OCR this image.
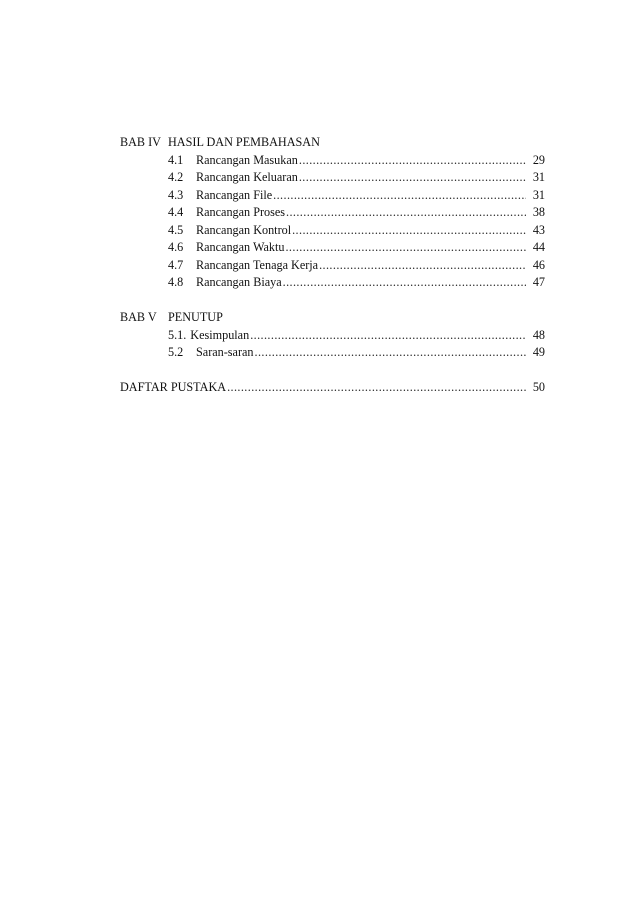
BAB IV HASIL DAN PEMBAHASAN
4.1	Rancangan Masukan .....	29
4.2	Rancangan Keluaran .....	31
4.3	Rancangan File .....	31
4.4	Rancangan Proses .....	38
4.5	Rancangan Kontrol .....	43
4.6	Rancangan Waktu .....	44
4.7	Rancangan Tenaga Kerja .....	46
4.8	Rancangan Biaya .....	47
BAB V PENUTUP
5.1. Kesimpulan .....	48
5.2	Saran-saran .....	49
DAFTAR PUSTAKA .....	50
